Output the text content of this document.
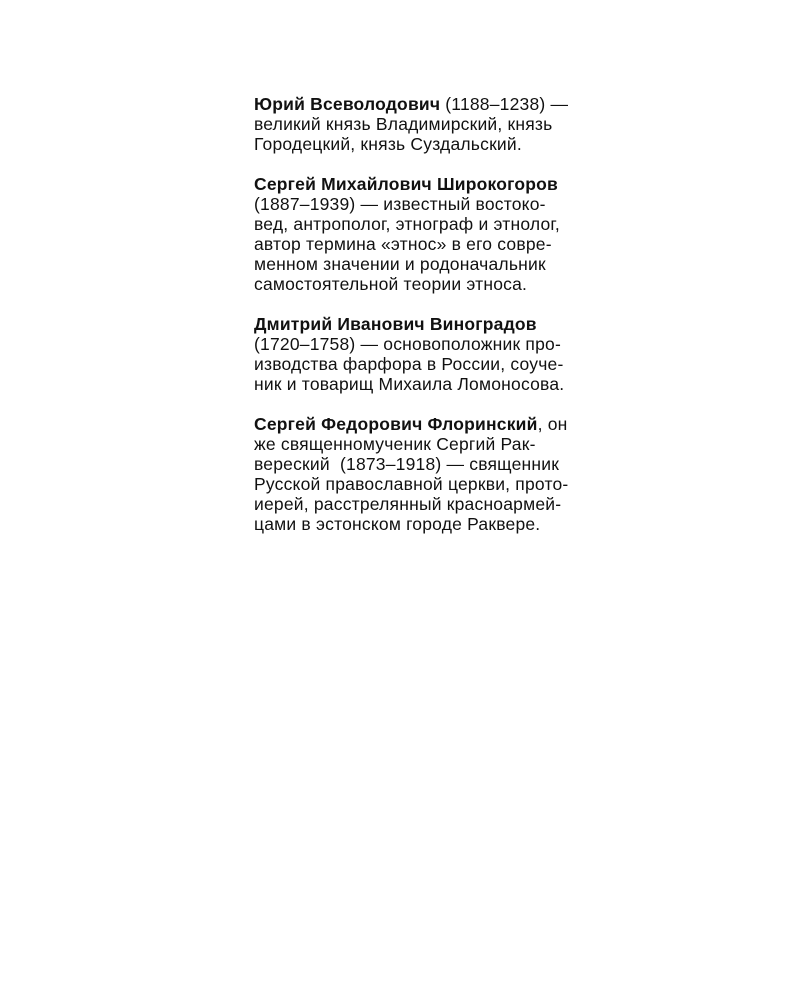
Юрий Всеволодович (1188–1238) —
великий князь Владимирский, князь
Городецкий, князь Суздальский.
Сергей Михайлович Широкогоров
(1887–1939) — известный востоко-
вед, антрополог, этнограф и этнолог,
автор термина «этнос» в его совре-
менном значении и родоначальник
самостоятельной теории этноса.
Дмитрий Иванович Виноградов
(1720–1758) — основоположник про-
изводства фарфора в России, соуче-
ник и товарищ Михаила Ломоносова.
Сергей Федорович Флоринский, он
же священномученик Сергий Рак-
вереский  (1873–1918) — священник
Русской православной церкви, прото-
иерей, расстрелянный красноармей-
цами в эстонском городе Раквере.
